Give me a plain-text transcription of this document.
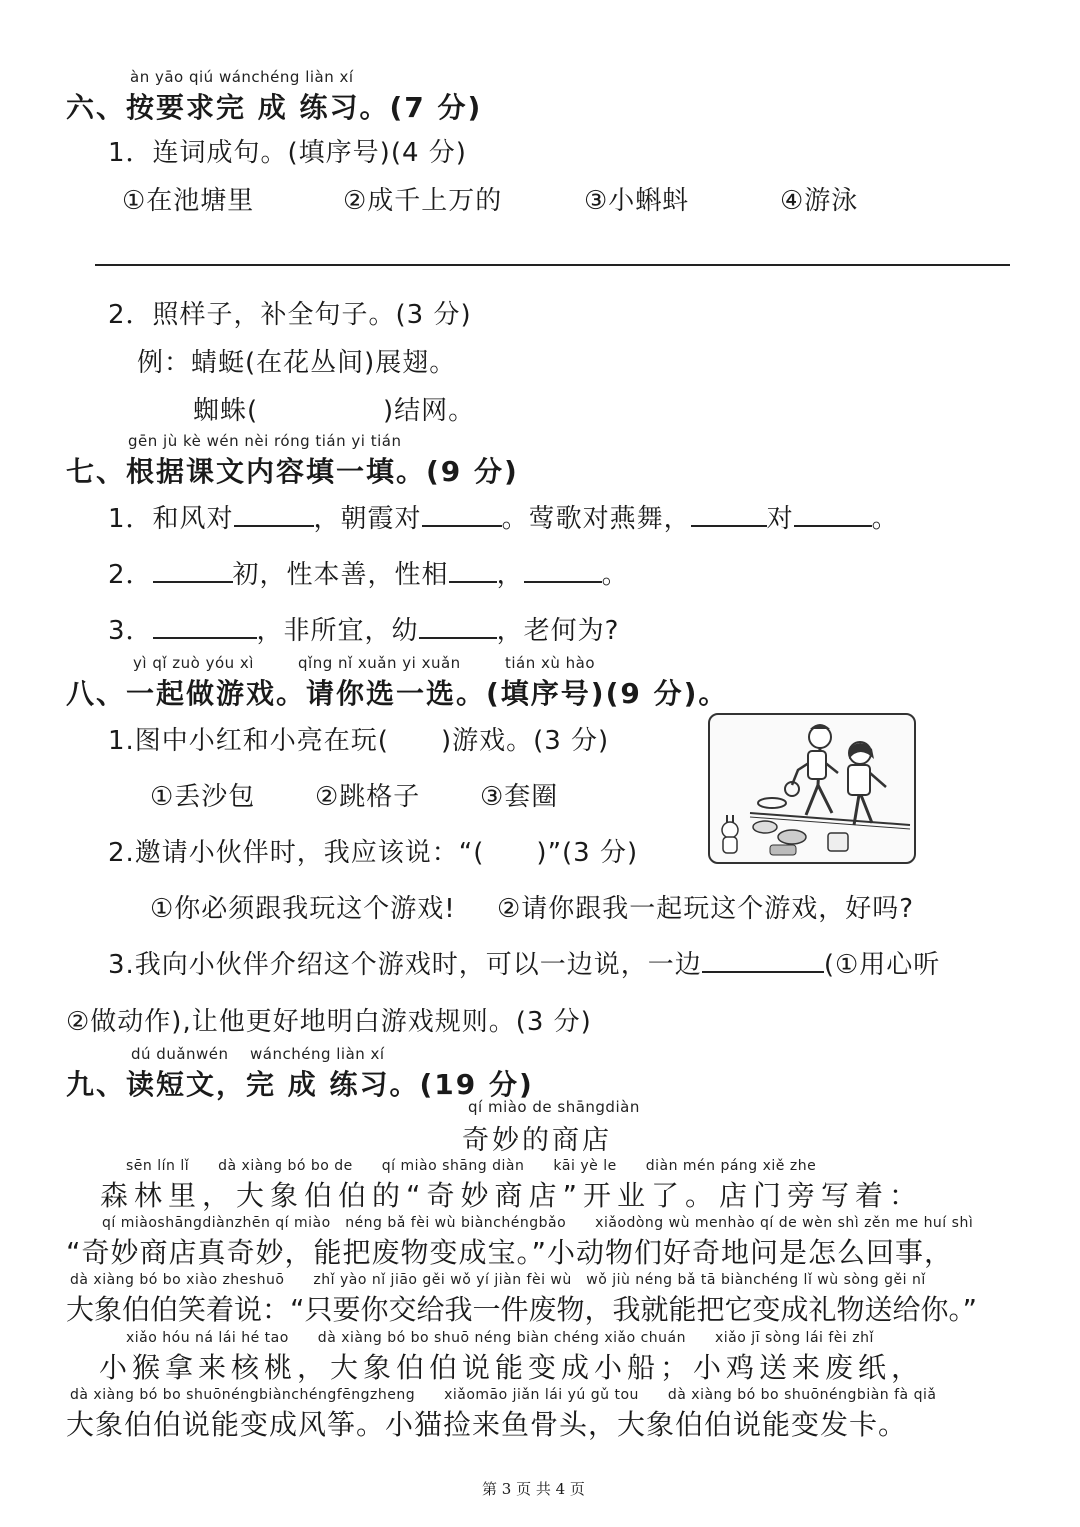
àn yāo qiú wánchéng liàn xí
六、按要求完 成 练习。(7 分)
1．连词成句。(填序号)(4 分)
①在池塘里	②成千上万的	③小蝌蚪	④游泳
2．照样子，补全句子。(3 分)
例：蜻蜓(在花丛间)展翅。
蜘蛛(	)结网。
gēn jù kè wén nèi róng tián yi tián
七、根据课文内容填一填。(9 分)
1．和风对	，朝霞对	。莺歌对燕舞，	对	。
2．	初，性本善，性相 ，	。
3．	，非所宜，幼	，老何为?
yì qǐ zuò yóu xì	qǐng nǐ xuǎn yi xuǎn	tián xù hào
八、一起做游戏。请你选一选。(填序号)(9 分)。
1.图中小红和小亮在玩( )游戏。(3 分)
①丢沙包 ②跳格子 ③套圈
2.邀请小伙伴时，我应该说：“( )”(3 分)
①你必须跟我玩这个游戏! ②请你跟我一起玩这个游戏，好吗?
3.我向小伙伴介绍这个游戏时，可以一边说，一边	(①用心听
②做动作),让他更好地明白游戏规则。(3 分)
dú duǎnwén wánchéng liàn xí
九、读短文，完 成 练习。(19 分)
qí miào de shāngdiàn
奇妙的商店
sēn lín lǐ　　dà xiàng bó bo de　　qí miào shāng diàn　　kāi yè le　　diàn mén páng xiě zhe
　森林里，大象伯伯的“奇妙商店”开业了。店门旁写着：
qí miàoshāngdiànzhēn qí miào　néng bǎ fèi wù biànchéngbǎo　　xiǎodòng wù menhào qí de wèn shì zěn me huí shì
“奇妙商店真奇妙，能把废物变成宝。”小动物们好奇地问是怎么回事，
dà xiàng bó bo xiào zheshuō　　zhǐ yào nǐ jiāo gěi wǒ yí jiàn fèi wù　wǒ jiù néng bǎ tā biànchéng lǐ wù sòng gěi nǐ
大象伯伯笑着说：“只要你交给我一件废物，我就能把它变成礼物送给你。”
xiǎo hóu ná lái hé tao　　dà xiàng bó bo shuō néng biàn chéng xiǎo chuán　　xiǎo jī sòng lái fèi zhǐ
　小猴拿来核桃，大象伯伯说能变成小船；小鸡送来废纸，
dà xiàng bó bo shuōnéngbiànchéngfēngzheng　　xiǎomāo jiǎn lái yú gǔ tou　　dà xiàng bó bo shuōnéngbiàn fà qiǎ
大象伯伯说能变成风筝。小猫捡来鱼骨头，大象伯伯说能变发卡。
第 3 页 共 4 页
